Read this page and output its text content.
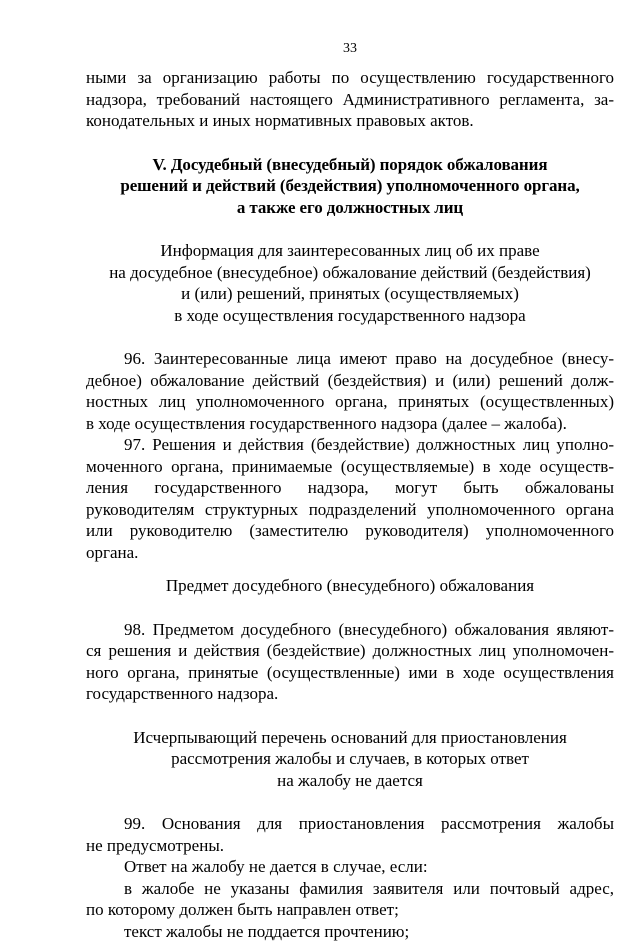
33
ными за организацию работы по осуществлению государственного
надзора, требований настоящего Административного регламента, за-
конодательных и иных нормативных правовых актов.
V. Досудебный (внесудебный) порядок обжалования
решений и действий (бездействия) уполномоченного органа,
а также его должностных лиц
Информация для заинтересованных лиц об их праве
на досудебное (внесудебное) обжалование действий (бездействия)
и (или) решений, принятых (осуществляемых)
в ходе осуществления государственного надзора
96. Заинтересованные лица имеют право на досудебное (внесу-
дебное) обжалование действий (бездействия) и (или) решений долж-
ностных лиц уполномоченного органа, принятых (осуществленных)
в ходе осуществления государственного надзора (далее – жалоба).
97. Решения и действия (бездействие) должностных лиц уполно-
моченного органа, принимаемые (осуществляемые) в ходе осуществ-
ления государственного надзора, могут быть обжалованы
руководителям структурных подразделений уполномоченного органа
или руководителю (заместителю руководителя) уполномоченного
органа.
Предмет досудебного (внесудебного) обжалования
98. Предметом досудебного (внесудебного) обжалования являют-
ся решения и действия (бездействие) должностных лиц уполномочен-
ного органа, принятые (осуществленные) ими в ходе осуществления
государственного надзора.
Исчерпывающий перечень оснований для приостановления
рассмотрения жалобы и случаев, в которых ответ
на жалобу не дается
99. Основания для приостановления рассмотрения жалобы
не предусмотрены.
Ответ на жалобу не дается в случае, если:
в жалобе не указаны фамилия заявителя или почтовый адрес,
по которому должен быть направлен ответ;
текст жалобы не поддается прочтению;
